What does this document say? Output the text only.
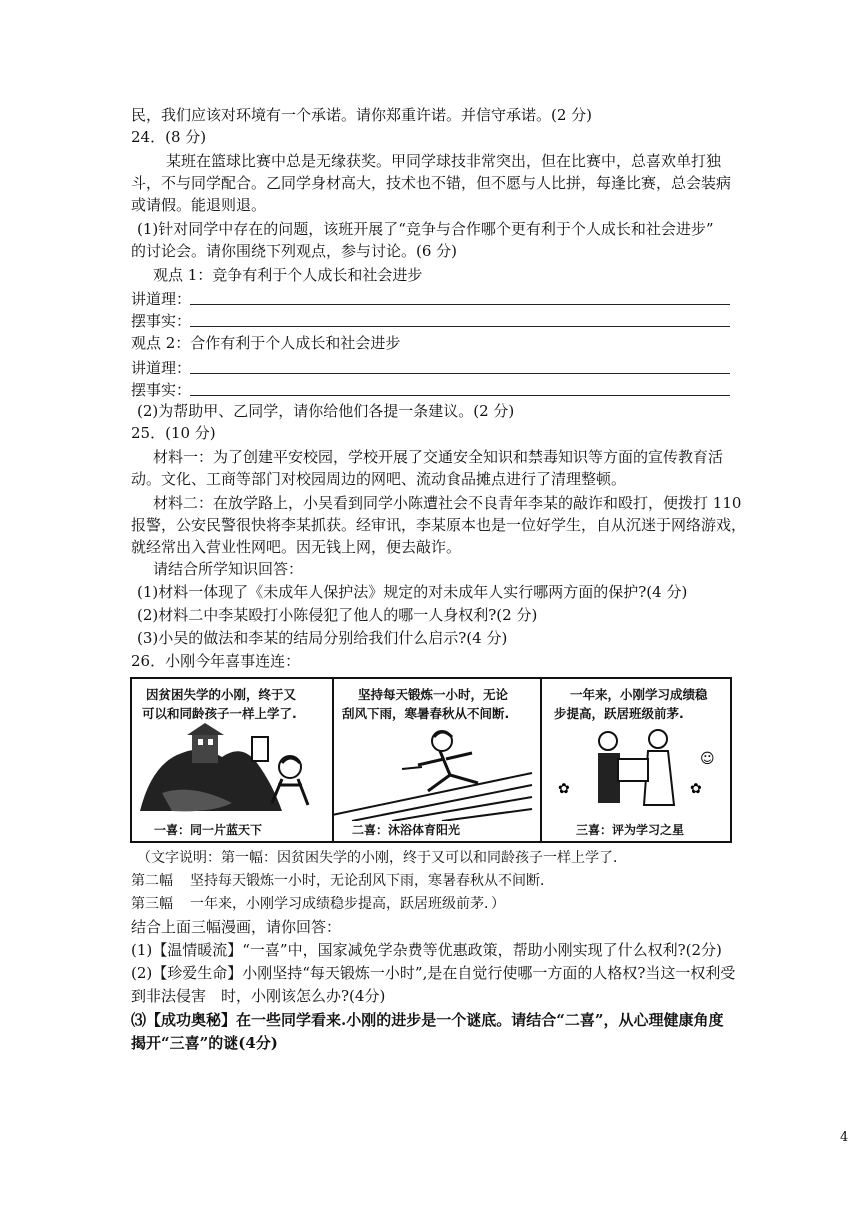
民，我们应该对环境有一个承诺。请你郑重许诺。并信守承诺。(2 分)
24．(8 分)
某班在篮球比赛中总是无缘获奖。甲同学球技非常突出，但在比赛中，总喜欢单打独
斗，不与同学配合。乙同学身材高大，技术也不错，但不愿与人比拼，每逢比赛，总会装病
或请假。能退则退。
(1)针对同学中存在的问题，该班开展了“竞争与合作哪个更有利于个人成长和社会进步”
的讨论会。请你围绕下列观点，参与讨论。(6 分)
观点 1：竞争有利于个人成长和社会进步
讲道理：
摆事实：
观点 2：合作有利于个人成长和社会进步
讲道理：
摆事实：
(2)为帮助甲、乙同学，请你给他们各提一条建议。(2 分)
25．(10 分)
材料一：为了创建平安校园，学校开展了交通安全知识和禁毒知识等方面的宣传教育活
动。文化、工商等部门对校园周边的网吧、流动食品摊点进行了清理整顿。
材料二：在放学路上，小吴看到同学小陈遭社会不良青年李某的敲诈和殴打，便拨打 110
报警，公安民警很快将李某抓获。经审讯，李某原本也是一位好学生，自从沉迷于网络游戏，
就经常出入营业性网吧。因无钱上网，便去敲诈。
请结合所学知识回答：
(1)材料一体现了《未成年人保护法》规定的对未成年人实行哪两方面的保护?(4 分)
(2)材料二中李某殴打小陈侵犯了他人的哪一人身权利?(2 分)
(3)小吴的做法和李某的结局分别给我们什么启示?(4 分)
26．小刚今年喜事连连：
因贫困失学的小刚，终于又
可以和同龄孩子一样上学了.
一喜：同一片蓝天下
坚持每天锻炼一小时，无论
刮风下雨，寒暑春秋从不间断.
二喜：沐浴体育阳光
一年来，小刚学习成绩稳
步提高，跃居班级前茅.
✿
☺
✿
三喜：评为学习之星
（文字说明：第一幅：因贫困失学的小刚，终于又可以和同龄孩子一样上学了．
第二幅 坚持每天锻炼一小时，无论刮风下雨，寒暑春秋从不间断．
第三幅 一年来，小刚学习成绩稳步提高，跃居班级前茅．）
结合上面三幅漫画，请你回答：
(1)【温情暖流】“一喜”中，国家减免学杂费等优惠政策，帮助小刚实现了什么权利?(2分)
(2)【珍爱生命】小刚坚持“每天锻炼一小时”,是在自觉行使哪一方面的人格权?当这一权利受
到非法侵害　时，小刚该怎么办?(4分)
⑶【成功奥秘】在一些同学看来.小刚的进步是一个谜底。请结合“二喜”，从心理健康角度
揭开“三喜”的谜(4分)
4
